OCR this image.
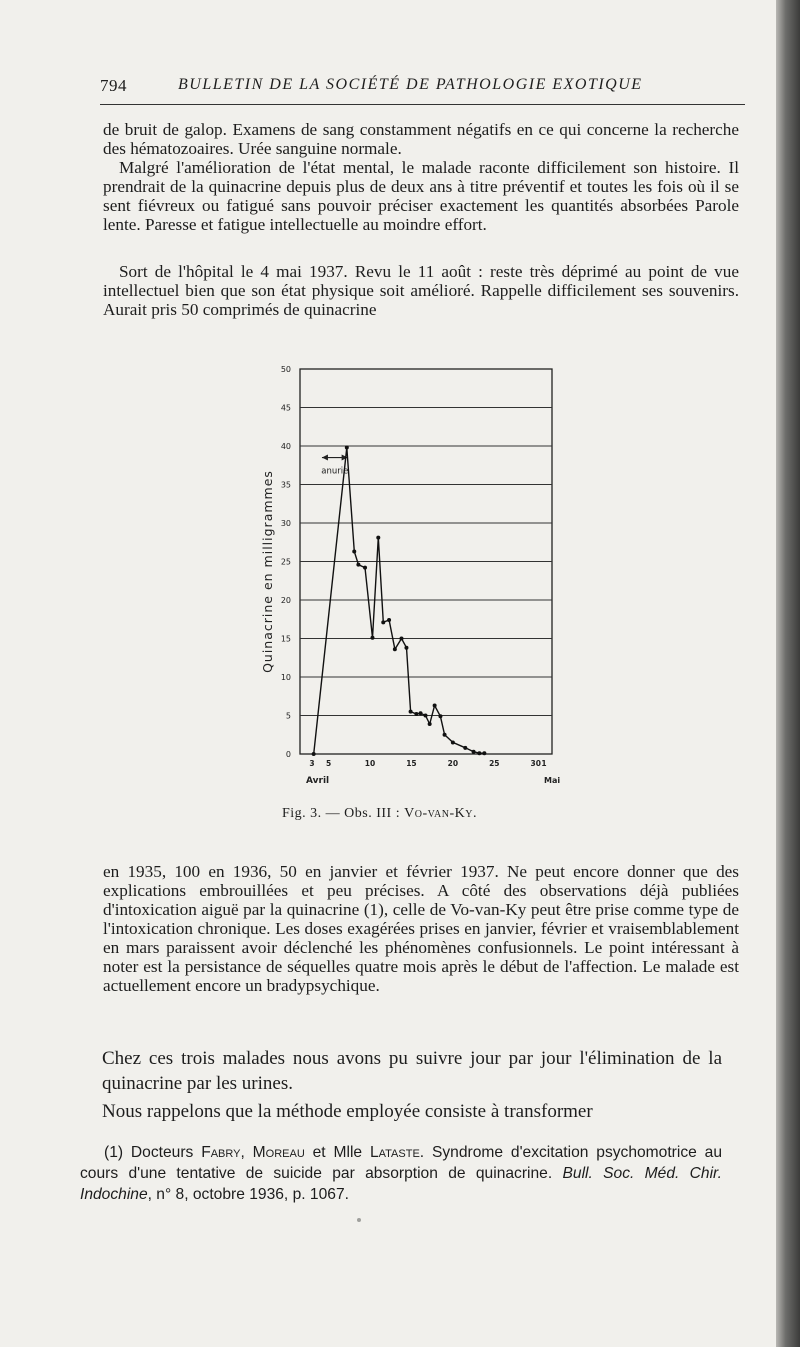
794	BULLETIN DE LA SOCIÉTÉ DE PATHOLOGIE EXOTIQUE

de bruit de galop. Examens de sang constamment négatifs en ce qui concerne la recherche des hématozoaires. Urée sanguine normale.

Malgré l'amélioration de l'état mental, le malade raconte difficilement son histoire. Il prendrait de la quinacrine depuis plus de deux ans à titre préventif et toutes les fois où il se sent fiévreux ou fatigué sans pouvoir préciser exactement les quantités absorbées Parole lente. Paresse et fatigue intellectuelle au moindre effort.

Sort de l'hôpital le 4 mai 1937. Revu le 11 août : reste très déprimé au point de vue intellectuel bien que son état physique soit amélioré. Rappelle difficilement ses souvenirs. Aurait pris 50 comprimés de quinacrine

0
5
10
15
20
25
30
35
40
45
50
Quinacrine en milligrammes
3 5	10	15	20	25	30 1
Avril	Mai
anurie
Fig. 3. — Obs. III : Vo-van-Ky.

en 1935, 100 en 1936, 50 en janvier et février 1937. Ne peut encore donner que des explications embrouillées et peu précises. A côté des observations déjà publiées d'intoxication aiguë par la quinacrine (1), celle de Vo-van-Ky peut être prise comme type de l'intoxication chronique. Les doses exagérées prises en janvier, février et vraisemblablement en mars paraissent avoir déclenché les phénomènes confusionnels. Le point intéressant à noter est la persistance de séquelles quatre mois après le début de l'affection. Le malade est actuellement encore un bradypsychique.

Chez ces trois malades nous avons pu suivre jour par jour l'élimination de la quinacrine par les urines.

Nous rappelons que la méthode employée consiste à transformer

(1) Docteurs Fabry, Moreau et Mlle Lataste. Syndrome d'excitation psychomotrice au cours d'une tentative de suicide par absorption de quinacrine. Bull. Soc. Méd. Chir. Indochine, n° 8, octobre 1936, p. 1067.
